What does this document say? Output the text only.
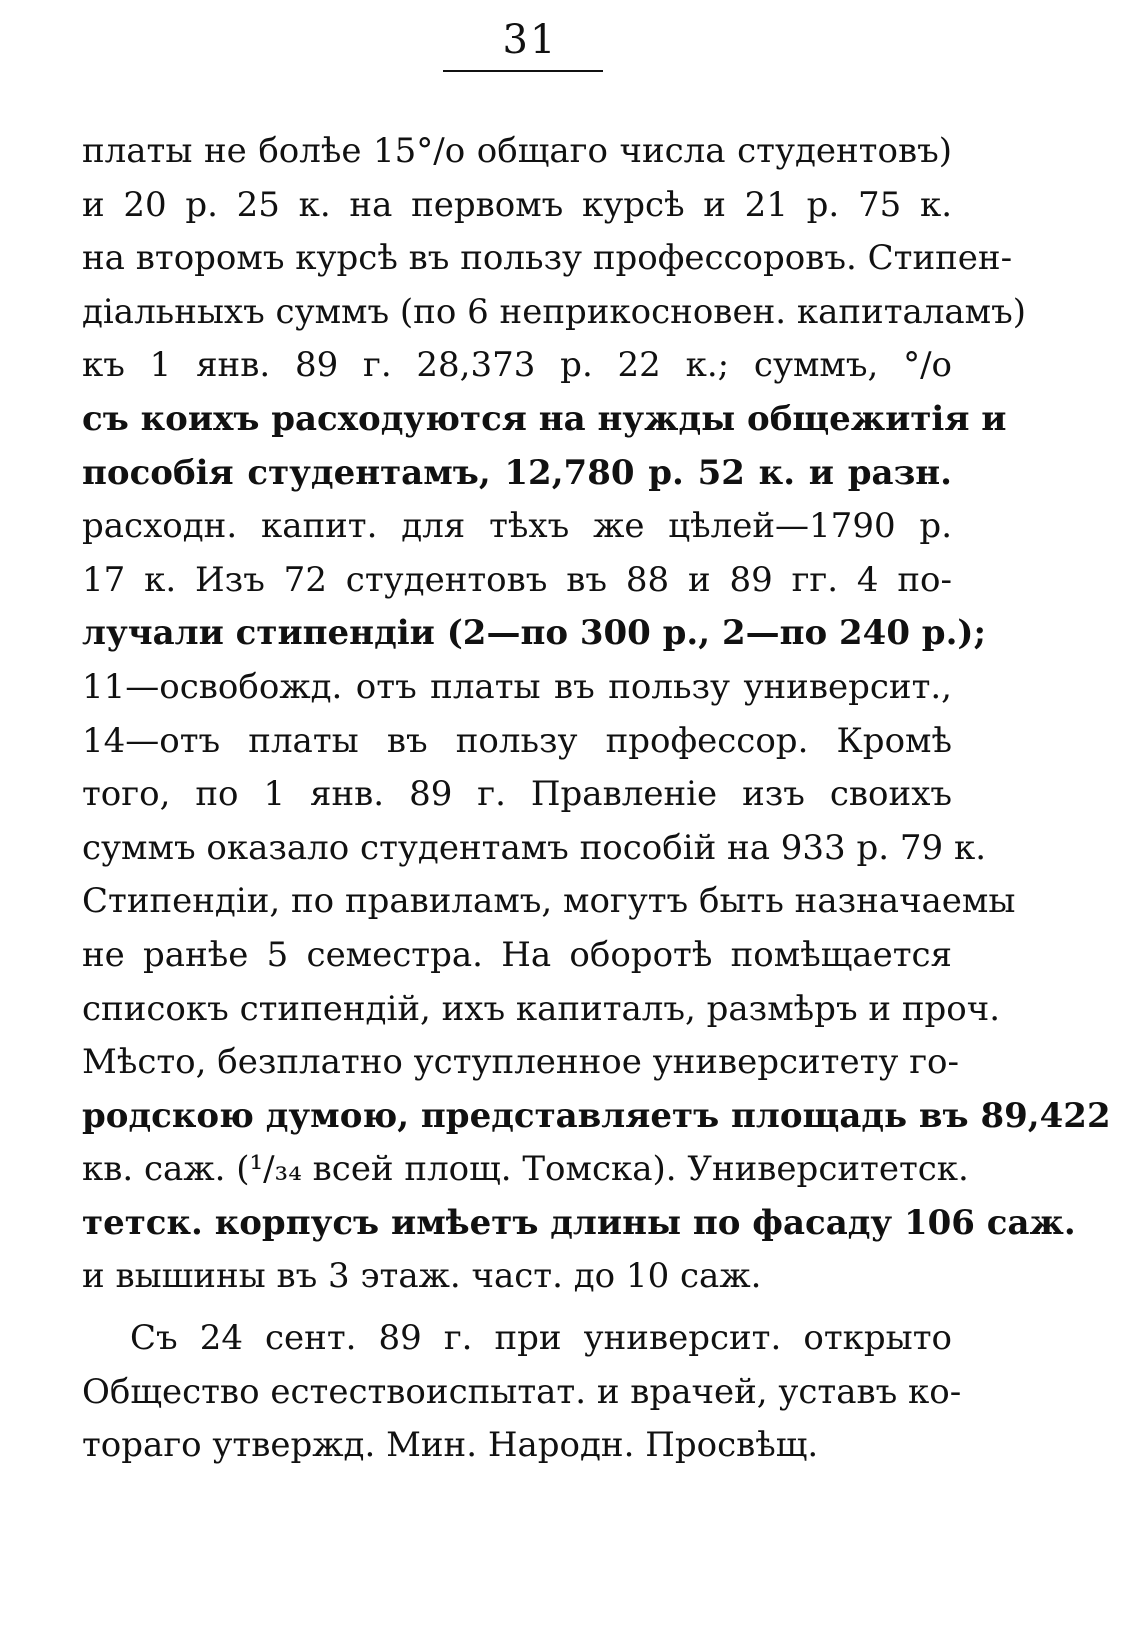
31
платы не болѣе 15°/о общаго числа студентовъ)
и 20 р. 25 к. на первомъ курсѣ и 21 р. 75 к.
на второмъ курсѣ въ пользу профессоровъ. Стипен-
діальныхъ суммъ (по 6 неприкосновен. капиталамъ)
къ 1 янв. 89 г. 28,373 р. 22 к.; суммъ, °/о
съ коихъ расходуются на нужды общежитія и
пособія студентамъ, 12,780 р. 52 к. и разн.
расходн. капит. для тѣхъ же цѣлей—1790 р.
17 к. Изъ 72 студентовъ въ 88 и 89 гг. 4 по-
лучали стипендіи (2—по 300 р., 2—по 240 р.);
11—освобожд. отъ платы въ пользу университ.,
14—отъ платы въ пользу профессор. Кромѣ
того, по 1 янв. 89 г. Правленіе изъ своихъ
суммъ оказало студентамъ пособій на 933 р. 79 к.
Стипендіи, по правиламъ, могутъ быть назначаемы
не ранѣе 5 семестра. На оборотѣ помѣщается
списокъ стипендій, ихъ капиталъ, размѣръ и проч.
Мѣсто, безплатно уступленное университету го-
родскою думою, представляетъ площадь въ 89,422
кв. саж. (¹/₃₄ всей площ. Томска). Университетск.
тетск. корпусъ имѣетъ длины по фасаду 106 саж.
и вышины въ 3 этаж. част. до 10 саж.
Съ 24 сент. 89 г. при университ. открыто
Общество естествоиспытат. и врачей, уставъ ко-
тораго утвержд. Мин. Народн. Просвѣщ.
